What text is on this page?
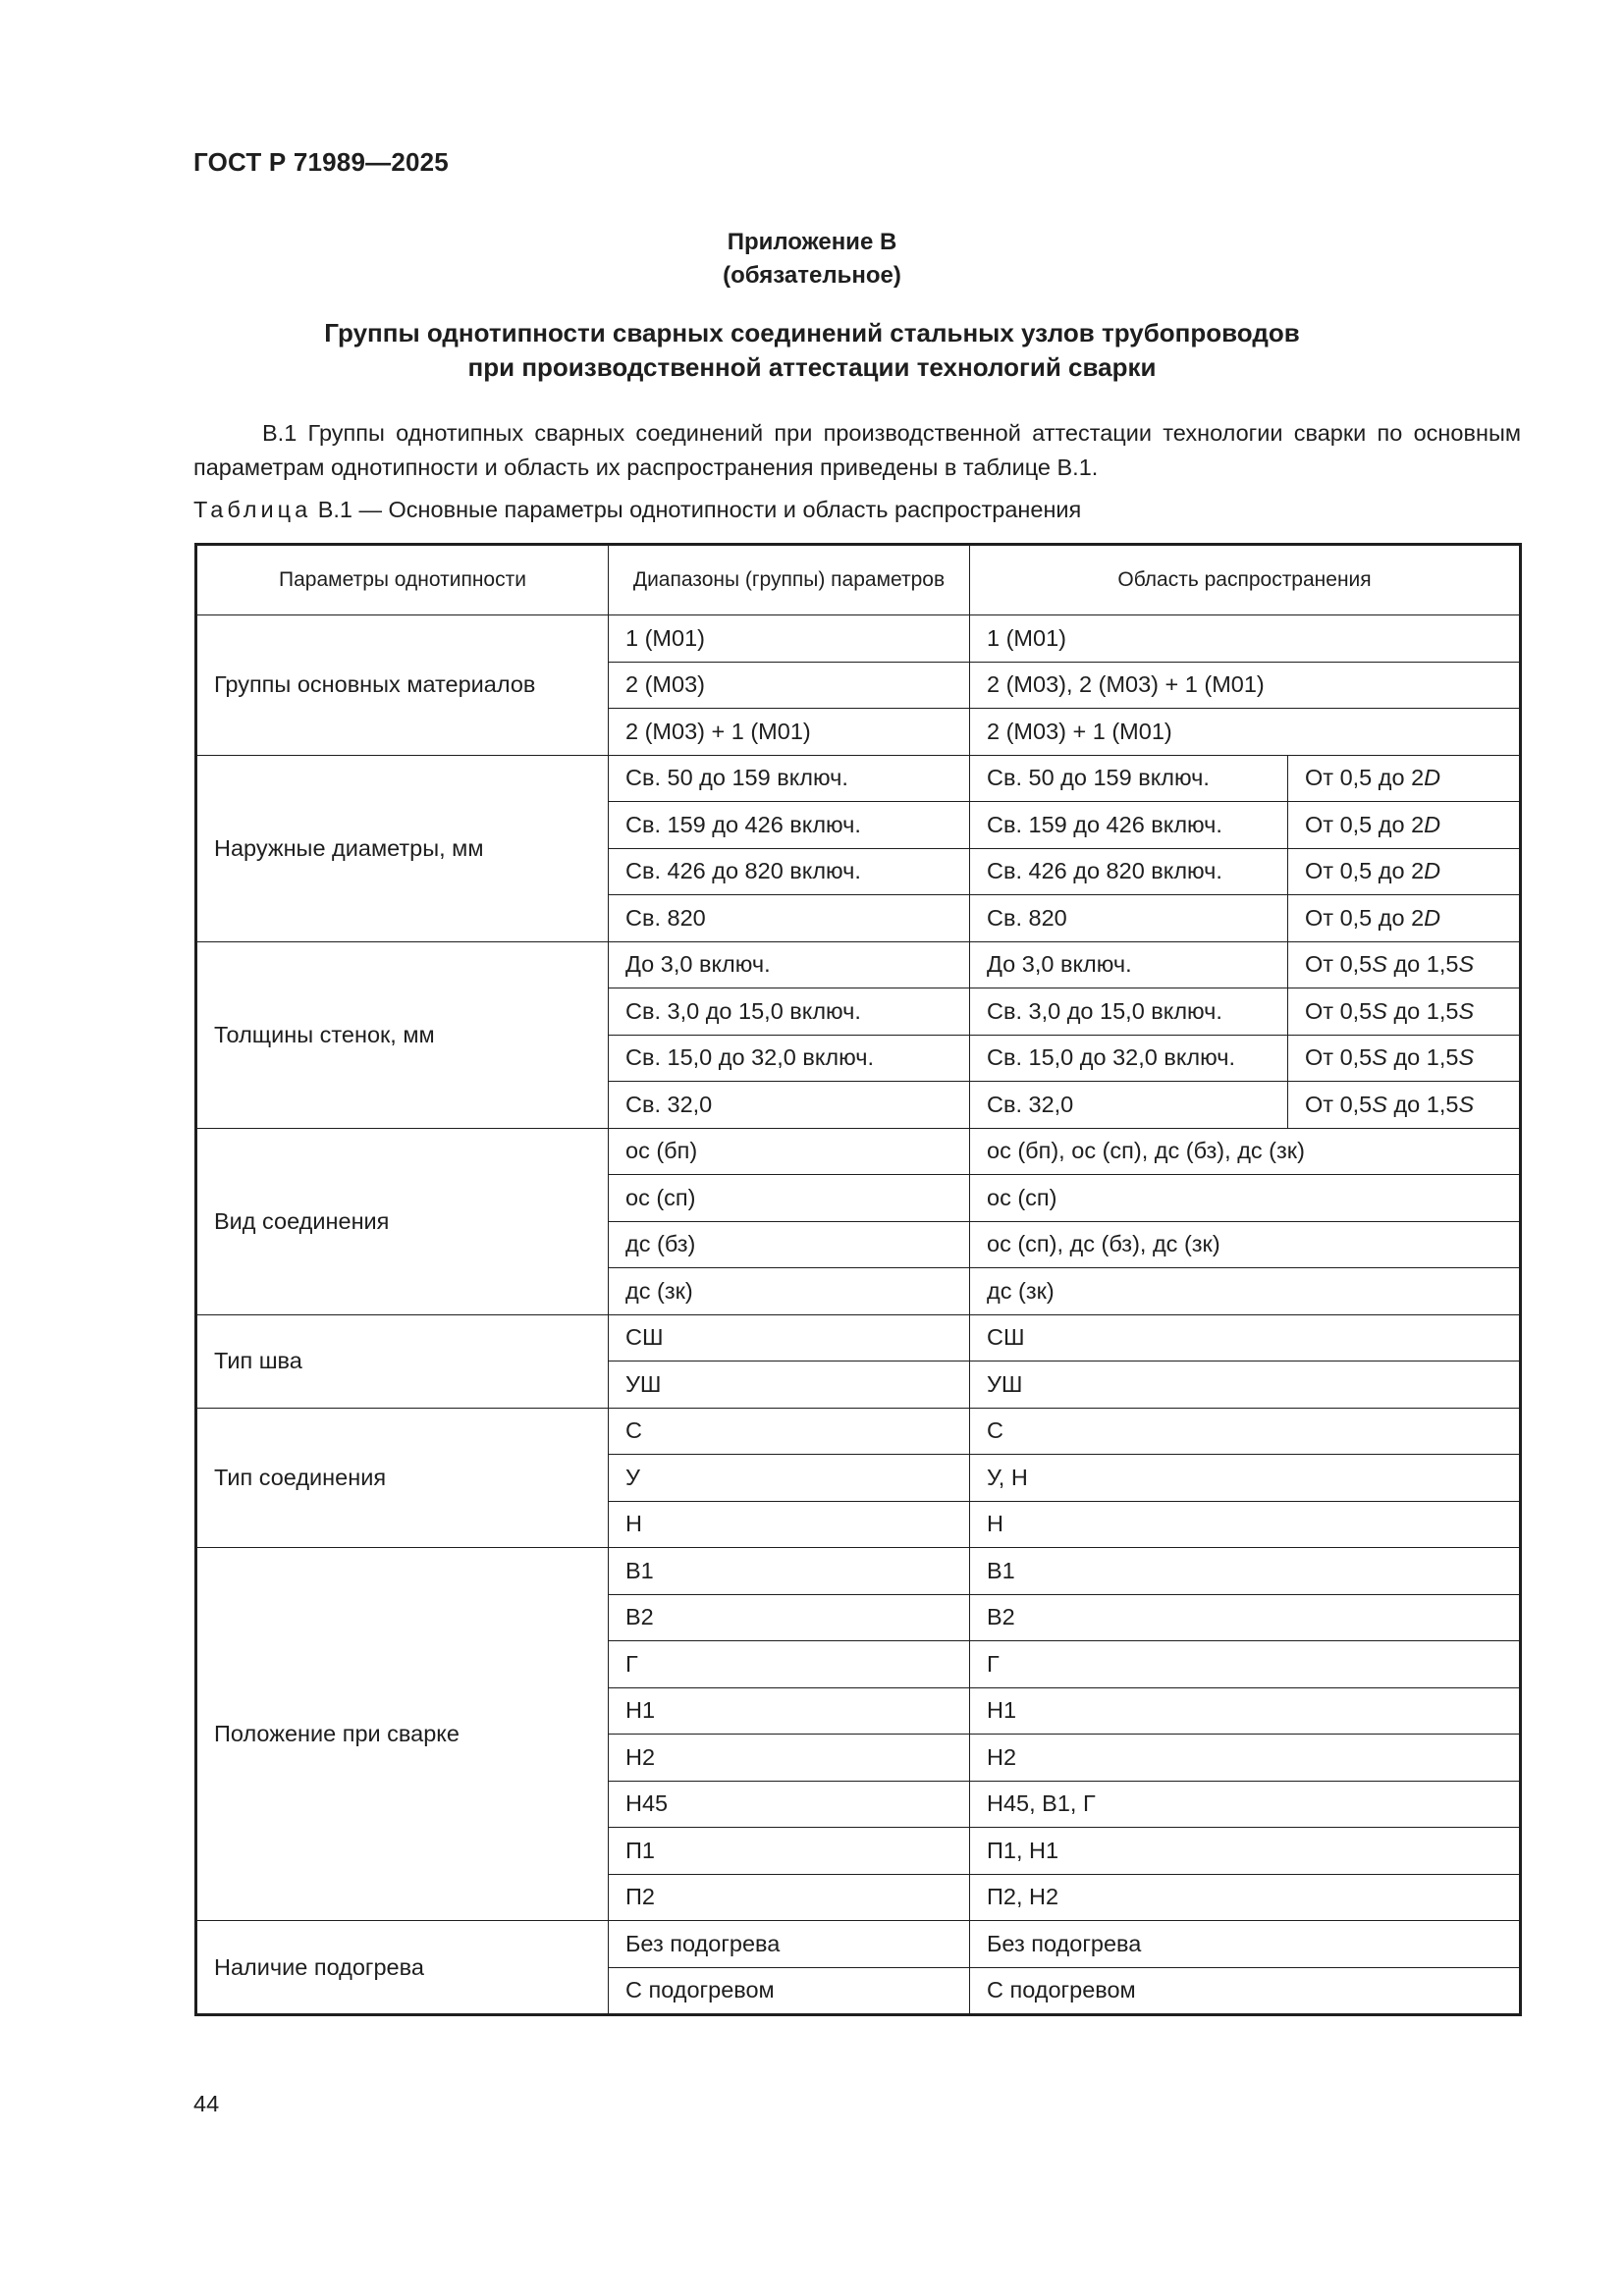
ГОСТ Р 71989—2025
Приложение В
(обязательное)
Группы однотипности сварных соединений стальных узлов трубопроводов
при производственной аттестации технологий сварки
В.1 Группы однотипных сварных соединений при производственной аттестации технологии сварки по основным параметрам однотипности и область их распространения приведены в таблице В.1.
Таблица В.1 — Основные параметры однотипности и область распространения
Параметры однотипности	Диапазоны (группы) параметров	Область распространения	
Группы основных материалов	1 (М01)	1 (М01)	
	2 (М03)	2 (М03), 2 (М03) + 1 (М01)	
	2 (М03) + 1 (М01)	2 (М03) + 1 (М01)	
Наружные диаметры, мм	Св. 50 до 159 включ.	Св. 50 до 159 включ.	От 0,5 до 2D
	Св. 159 до 426 включ.	Св. 159 до 426 включ.	От 0,5 до 2D
	Св. 426 до 820 включ.	Св. 426 до 820 включ.	От 0,5 до 2D
	Св. 820	Св. 820	От 0,5 до 2D
Толщины стенок, мм	До 3,0 включ.	До 3,0 включ.	От 0,5S до 1,5S
	Св. 3,0 до 15,0 включ.	Св. 3,0 до 15,0 включ.	От 0,5S до 1,5S
	Св. 15,0 до 32,0 включ.	Св. 15,0 до 32,0 включ.	От 0,5S до 1,5S
	Св. 32,0	Св. 32,0	От 0,5S до 1,5S
Вид соединения	ос (бп)	ос (бп), ос (сп), дс (бз), дс (зк)	
	ос (сп)	ос (сп)	
	дс (бз)	ос (сп), дс (бз), дс (зк)	
	дс (зк)	дс (зк)	
Тип шва	СШ	СШ	
	УШ	УШ	
Тип соединения	С	С	
	У	У, Н	
	Н	Н	
Положение при сварке	В1	В1	
	В2	В2	
	Г	Г	
	Н1	Н1	
	Н2	Н2	
	Н45	Н45, В1, Г	
	П1	П1, Н1	
	П2	П2, Н2	
Наличие подогрева	Без подогрева	Без подогрева	
	С подогревом	С подогревом	
44
